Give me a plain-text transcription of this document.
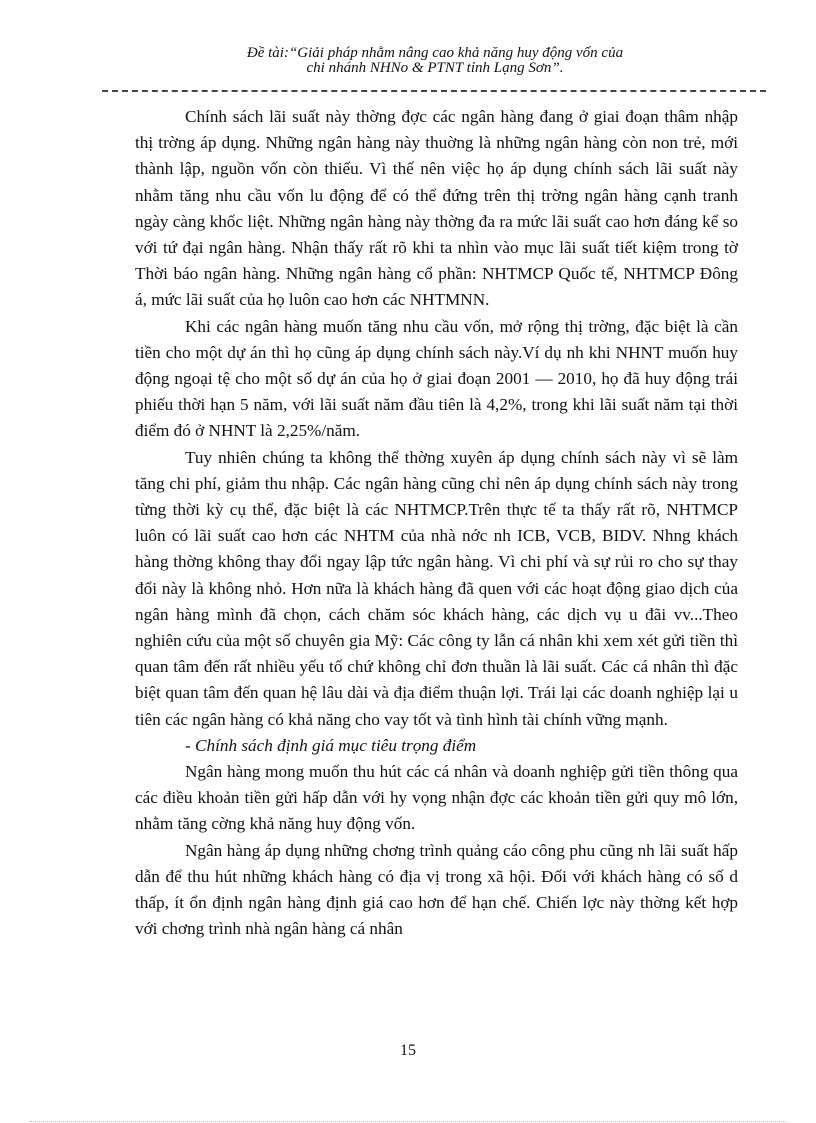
Đề tài:“Giải pháp nhằm nâng cao khả năng huy động vốn của
chi nhánh NHNo & PTNT tỉnh Lạng Sơn”.

Chính sách lãi suất này thờng đợc các ngân hàng đang ở giai đoạn thâm nhập thị trờng áp dụng. Những ngân hàng này thuờng là những ngân hàng còn non trẻ, mới thành lập, nguồn vốn còn thiếu. Vì thế nên việc họ áp dụng chính sách lãi suất này nhằm tăng nhu cầu vốn lu động để có thể đứng trên thị trờng ngân hàng cạnh tranh ngày càng khốc liệt. Những ngân hàng này thờng đa ra mức lãi suất cao hơn đáng kể so với tứ đại ngân hàng. Nhận thấy rất rõ khi ta nhìn vào mục lãi suất tiết kiệm trong tờ Thời báo ngân hàng. Những ngân hàng cổ phần: NHTMCP Quốc tế, NHTMCP Đông á, mức lãi suất của họ luôn cao hơn các NHTMNN.

Khi các ngân hàng muốn tăng nhu cầu vốn, mở rộng thị trờng, đặc biệt là cần tiền cho một dự án thì họ cũng áp dụng chính sách này.Ví dụ nh khi NHNT muốn huy động ngoại tệ cho một số dự án của họ ở giai đoạn 2001 — 2010, họ đã huy động trái phiếu thời hạn 5 năm, với lãi suất năm đầu tiên là 4,2%, trong khi lãi suất năm tại thời điểm đó ở NHNT là 2,25%/năm.

Tuy nhiên chúng ta không thể thờng xuyên áp dụng chính sách này vì sẽ làm tăng chi phí, giảm thu nhập. Các ngân hàng cũng chỉ nên áp dụng chính sách này trong từng thời kỳ cụ thể, đặc biệt là các NHTMCP.Trên thực tế ta thấy rất rõ, NHTMCP luôn có lãi suất cao hơn các NHTM của nhà nớc nh ICB, VCB, BIDV. Nhng khách hàng thờng không thay đổi ngay lập tức ngân hàng. Vì chi phí và sự rủi ro cho sự thay đổi này là không nhỏ. Hơn nữa là khách hàng đã quen với các hoạt động giao dịch của ngân hàng mình đã chọn, cách chăm sóc khách hàng, các dịch vụ u đãi vv...Theo nghiên cứu của một số chuyên gia Mỹ: Các công ty lẫn cá nhân khi xem xét gửi tiền thì quan tâm đến rất nhiều yếu tố chứ không chỉ đơn thuần là lãi suất. Các cá nhân thì đặc biệt quan tâm đến quan hệ lâu dài và địa điểm thuận lợi. Trái lại các doanh nghiệp lại u tiên các ngân hàng có khả năng cho vay tốt và tình hình tài chính vững mạnh.

- Chính sách định giá mục tiêu trọng điểm

Ngân hàng mong muốn thu hút các cá nhân và doanh nghiệp gửi tiền thông qua các điều khoản tiền gửi hấp dẫn với hy vọng nhận đợc các khoản tiền gửi quy mô lớn, nhằm tăng cờng khả năng huy động vốn.

Ngân hàng áp dụng những chơng trình quảng cáo công phu cũng nh lãi suất hấp dẫn để thu hút những khách hàng có địa vị trong xã hội. Đối với khách hàng có số d thấp, ít ổn định ngân hàng định giá cao hơn để hạn chế. Chiến lợc này thờng kết hợp với chơng trình nhà ngân hàng cá nhân

15
